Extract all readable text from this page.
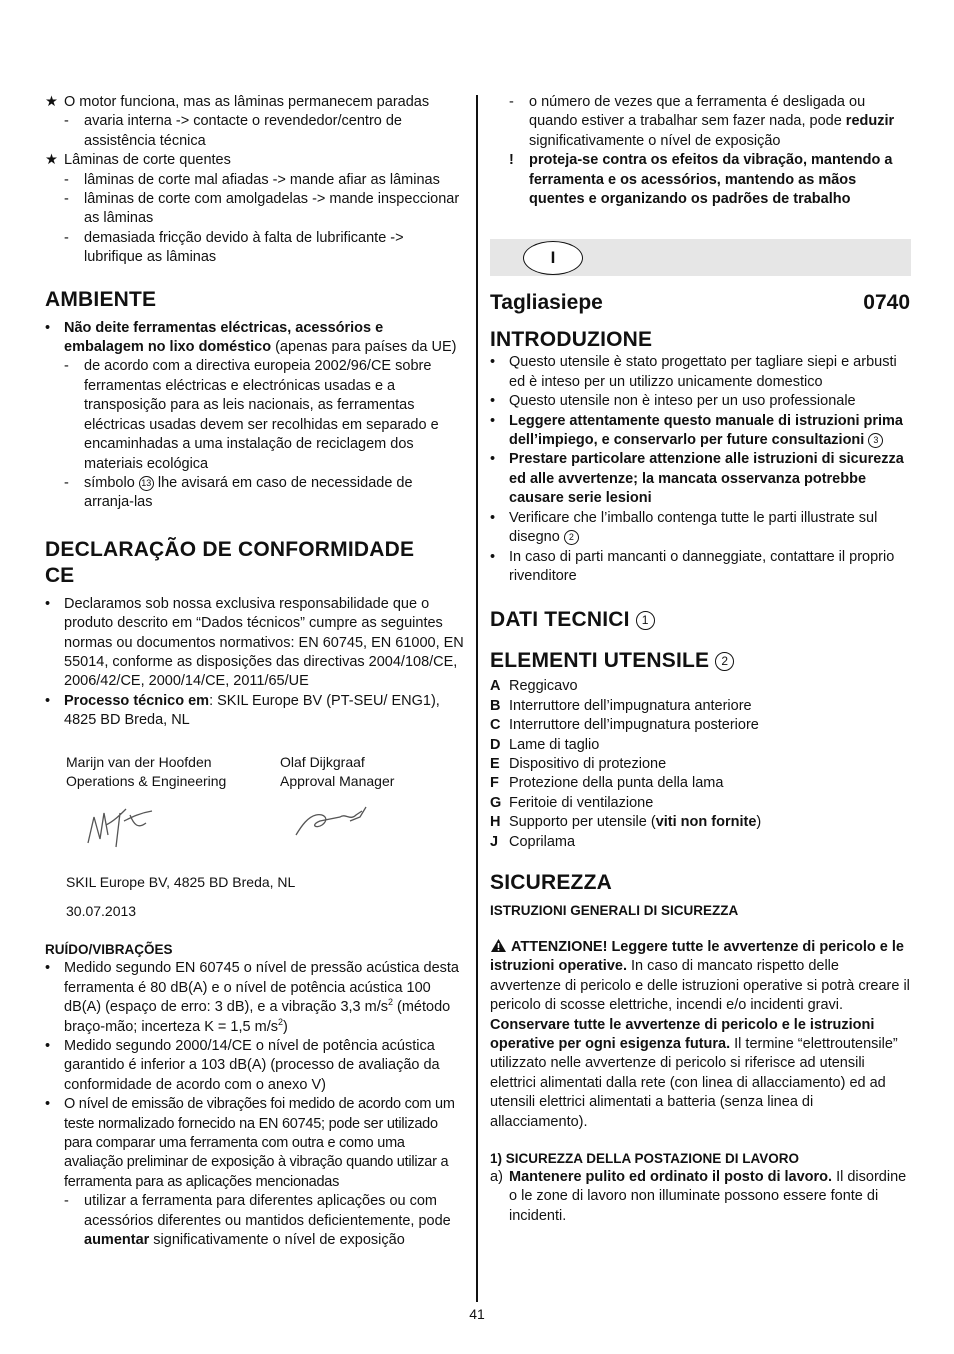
★ O motor funciona, mas as lâminas permanecem paradas
- avaria interna -> contacte o revendedor/centro de assistência técnica
★ Lâminas de corte quentes
- lâminas de corte mal afiadas -> mande afiar as lâminas
- lâminas de corte com amolgadelas -> mande inspeccionar as lâminas
- demasiada fricção devido à falta de lubrificante -> lubrifique as lâminas
AMBIENTE
• Não deite ferramentas eléctricas, acessórios e embalagem no lixo doméstico (apenas para países da UE)
- de acordo com a directiva europeia 2002/96/CE sobre ferramentas eléctricas e electrónicas usadas e a transposição para as leis nacionais, as ferramentas eléctricas usadas devem ser recolhidas em separado e encaminhadas a uma instalação de reciclagem dos materiais ecológica
- símbolo 13 lhe avisará em caso de necessidade de arranja-las
DECLARAÇÃO DE CONFORMIDADE
CE
• Declaramos sob nossa exclusiva responsabilidade que o produto descrito em “Dados técnicos” cumpre as seguintes normas ou documentos normativos: EN 60745, EN 61000, EN 55014, conforme as disposições das directivas 2004/108/CE, 2006/42/CE, 2000/14/CE, 2011/65/UE
• Processo técnico em: SKIL Europe BV (PT-SEU/ ENG1), 4825 BD Breda, NL
Marijn van der Hoofden
Operations & Engineering
Olaf Dijkgraaf
Approval Manager
SKIL Europe BV, 4825 BD Breda, NL
30.07.2013
RUÍDO/VIBRAÇÕES
• Medido segundo EN 60745 o nível de pressão acústica desta ferramenta é 80 dB(A) e o nível de potência acústica 100 dB(A) (espaço de erro: 3 dB), e a vibração 3,3 $m/s^2$ (método braço-mão; incerteza K = 1,5 $m/s^2$)
• Medido segundo 2000/14/CE o nível de potência acústica garantido é inferior a 103 dB(A) (processo de avaliação da conformidade de acordo com o anexo V)
• O nível de emissão de vibrações foi medido de acordo com um teste normalizado fornecido na EN 60745; pode ser utilizado para comparar uma ferramenta com outra e como uma avaliação preliminar de exposição à vibração quando utilizar a ferramenta para as aplicações mencionadas
- utilizar a ferramenta para diferentes aplicações ou com acessórios diferentes ou mantidos deficientemente, pode aumentar significativamente o nível de exposição
- o número de vezes que a ferramenta é desligada ou quando estiver a trabalhar sem fazer nada, pode reduzir significativamente o nível de exposição
! proteja-se contra os efeitos da vibração, mantendo a ferramenta e os acessórios, mantendo as mãos quentes e organizando os padrões de trabalho
I
Tagliasiepe	0740
INTRODUZIONE
• Questo utensile è stato progettato per tagliare siepi e arbusti ed è inteso per un utilizzo unicamente domestico
• Questo utensile non è inteso per un uso professionale
• Leggere attentamente questo manuale di istruzioni prima dell’impiego, e conservarlo per future consultazioni 3
• Prestare particolare attenzione alle istruzioni di sicurezza ed alle avvertenze; la mancata osservanza potrebbe causare serie lesioni
• Verificare che l’imballo contenga tutte le parti illustrate sul disegno 2
• In caso di parti mancanti o danneggiate, contattare il proprio rivenditore
DATI TECNICI 1
ELEMENTI UTENSILE 2
A Reggicavo
B Interruttore dell’impugnatura anteriore
C Interruttore dell’impugnatura posteriore
D Lame di taglio
E Dispositivo di protezione
F Protezione della punta della lama
G Feritoie di ventilazione
H Supporto per utensile (viti non fornite)
J Coprilama
SICUREZZA
ISTRUZIONI GENERALI DI SICUREZZA

ATTENZIONE! Leggere tutte le avvertenze di pericolo e le istruzioni operative. In caso di mancato rispetto delle avvertenze di pericolo e delle istruzioni operative si potrà creare il pericolo di scosse elettriche, incendi e/o incidenti gravi. Conservare tutte le avvertenze di pericolo e le istruzioni operative per ogni esigenza futura. Il termine “elettroutensile” utilizzato nelle avvertenze di pericolo si riferisce ad utensili elettrici alimentati dalla rete (con linea di allacciamento) ed ad utensili elettrici alimentati a batteria (senza linea di allacciamento).

1) SICUREZZA DELLA POSTAZIONE DI LAVORO
a) Mantenere pulito ed ordinato il posto di lavoro. Il disordine o le zone di lavoro non illuminate possono essere fonte di incidenti.
41
